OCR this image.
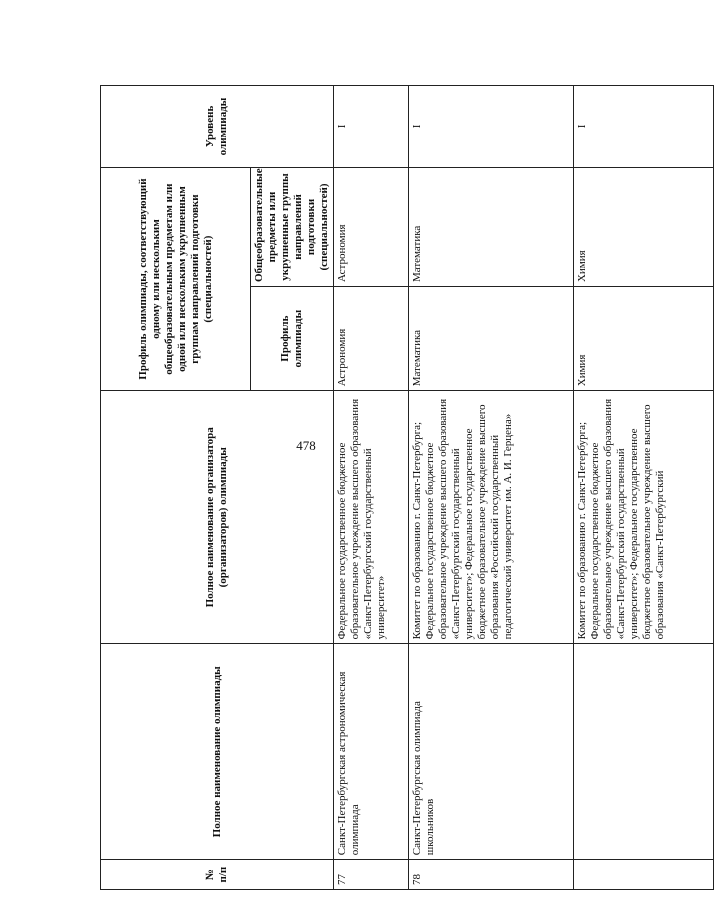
478
№ п/п	Полное наименование олимпиады	Полное наименование организатора (организаторов) олимпиады	Профиль олимпиады, соответствующий одному или нескольким общеобразовательным предметам или одной или нескольким укрупненным группам направлений подготовки (специальностей)		Уровень олимпиады
			Профиль олимпиады	Общеобразовательные предметы или укрупненные группы направлений подготовки (специальностей)	
77	Санкт-Петербургская астрономическая олимпиада	Федеральное государственное бюджетное образовательное учреждение высшего образования «Санкт-Петербургский государственный университет»	Астрономия	Астрономия	I
78	Санкт-Петербургская олимпиада школьников	Комитет по образованию г. Санкт-Петербурга; Федеральное государственное бюджетное образовательное учреждение высшего образования «Санкт-Петербургский государственный университет»; Федеральное государственное бюджетное образовательное учреждение высшего образования «Российский государственный педагогический университет им. А. И. Герцена»	Математика	Математика	I
		Комитет по образованию г. Санкт-Петербурга; Федеральное государственное бюджетное образовательное учреждение высшего образования «Санкт-Петербургский государственный университет»; Федеральное государственное бюджетное образовательное учреждение высшего образования «Санкт-Петербургский	Химия	Химия	I
